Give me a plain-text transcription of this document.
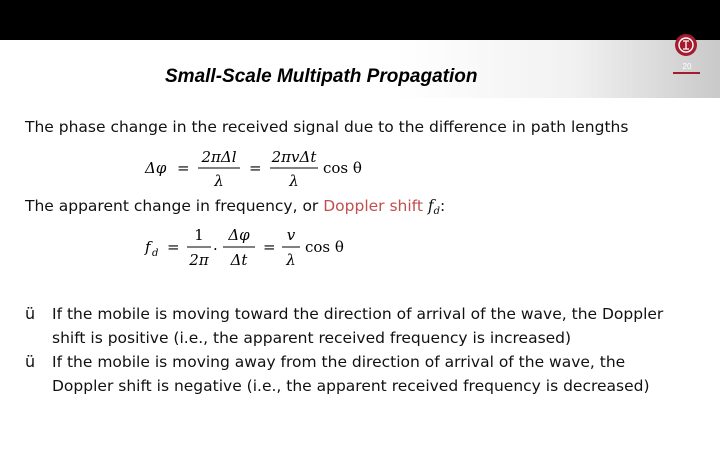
Small-Scale Multipath Propagation	20
The phase change in the received signal due to the difference in path lengths
Δφ =
2πΔl
λ
=
2πvΔt
λ
cos θ
The apparent change in frequency, or Doppler shift $f_d$:
f d =
1
2π
·
Δφ
Δt
=
v
λ
cos θ
ü If the mobile is moving toward the direction of arrival of the wave, the Doppler
shift is positive (i.e., the apparent received frequency is increased)
ü If the mobile is moving away from the direction of arrival of the wave, the
Doppler shift is negative (i.e., the apparent received frequency is decreased)
